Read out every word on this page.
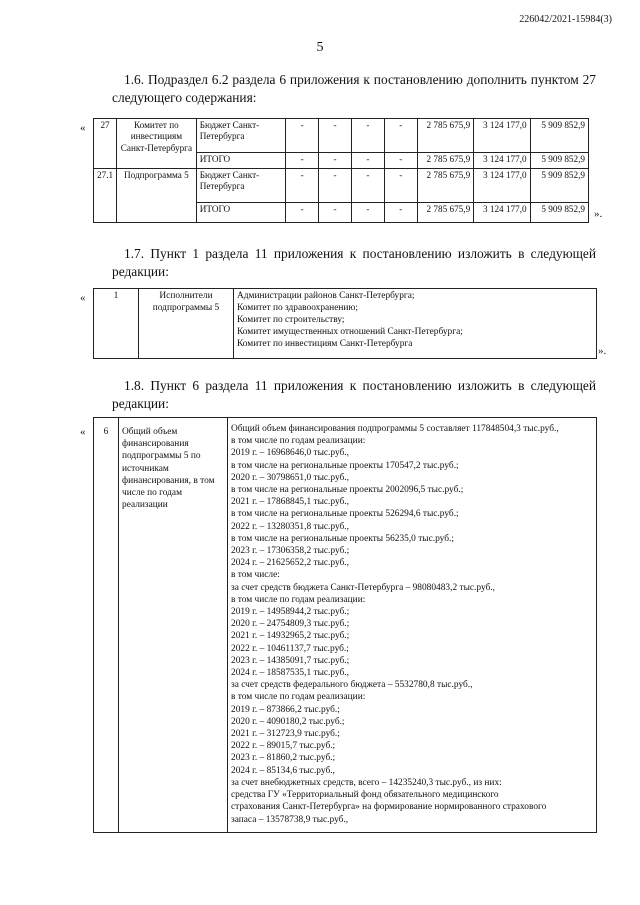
226042/2021-15984(3)
5
1.6. Подраздел 6.2 раздела 6 приложения к постановлению дополнить пунктом 27 следующего содержания:
« 27	Комитет по инвестициям Санкт-Петербурга	Бюджет Санкт-Петербурга	-	-	-	-	2 785 675,9	3 124 177,0	5 909 852,9
		ИТОГО	-	-	-	-	2 785 675,9	3 124 177,0	5 909 852,9
27.1	Подпрограмма 5	Бюджет Санкт-Петербурга	-	-	-	-	2 785 675,9	3 124 177,0	5 909 852,9
		ИТОГО	-	-	-	-	2 785 675,9	3 124 177,0	5 909 852,9 ».
1.7. Пункт 1 раздела 11 приложения к постановлению изложить в следующей редакции:
«	1	Исполнители подпрограммы 5	
Администрации районов Санкт-Петербурга;
Комитет по здравоохранению;
Комитет по строительству;
Комитет имущественных отношений Санкт-Петербурга;
Комитет по инвестициям Санкт-Петербурга
».
1.8. Пункт 6 раздела 11 приложения к постановлению изложить в следующей редакции:
« 6	Общий объем финансирования подпрограммы 5 по источникам финансирования, в том числе по годам реализации	
Общий объем финансирования подпрограммы 5 составляет 117848504,3 тыс.руб.,
в том числе по годам реализации:
2019 г. – 16968646,0 тыс.руб.,
в том числе на региональные проекты 170547,2 тыс.руб.;
2020 г. – 30798651,0 тыс.руб.,
в том числе на региональные проекты 2002096,5 тыс.руб.;
2021 г. – 17868845,1 тыс.руб.,
в том числе на региональные проекты 526294,6 тыс.руб.;
2022 г. – 13280351,8 тыс.руб.,
в том числе на региональные проекты 56235,0 тыс.руб.;
2023 г. – 17306358,2 тыс.руб.;
2024 г. – 21625652,2 тыс.руб.,
в том числе:
за счет средств бюджета Санкт-Петербурга – 98080483,2 тыс.руб.,
в том числе по годам реализации:
2019 г. – 14958944,2 тыс.руб.;
2020 г. – 24754809,3 тыс.руб.;
2021 г. – 14932965,2 тыс.руб.;
2022 г. – 10461137,7 тыс.руб.;
2023 г. – 14385091,7 тыс.руб.;
2024 г. – 18587535,1 тыс.руб.,
за счет средств федерального бюджета – 5532780,8 тыс.руб.,
в том числе по годам реализации:
2019 г. – 873866,2 тыс.руб.;
2020 г. – 4090180,2 тыс.руб.;
2021 г. – 312723,9 тыс.руб.;
2022 г. – 89015,7 тыс.руб.;
2023 г. – 81860,2 тыс.руб.;
2024 г. – 85134,6 тыс.руб.,
за счет внебюджетных средств, всего – 14235240,3 тыс.руб., из них:
средства ГУ «Территориальный фонд обязательного медицинского
страхования Санкт-Петербурга» на формирование нормированного страхового
запаса – 13578738,9 тыс.руб.,
